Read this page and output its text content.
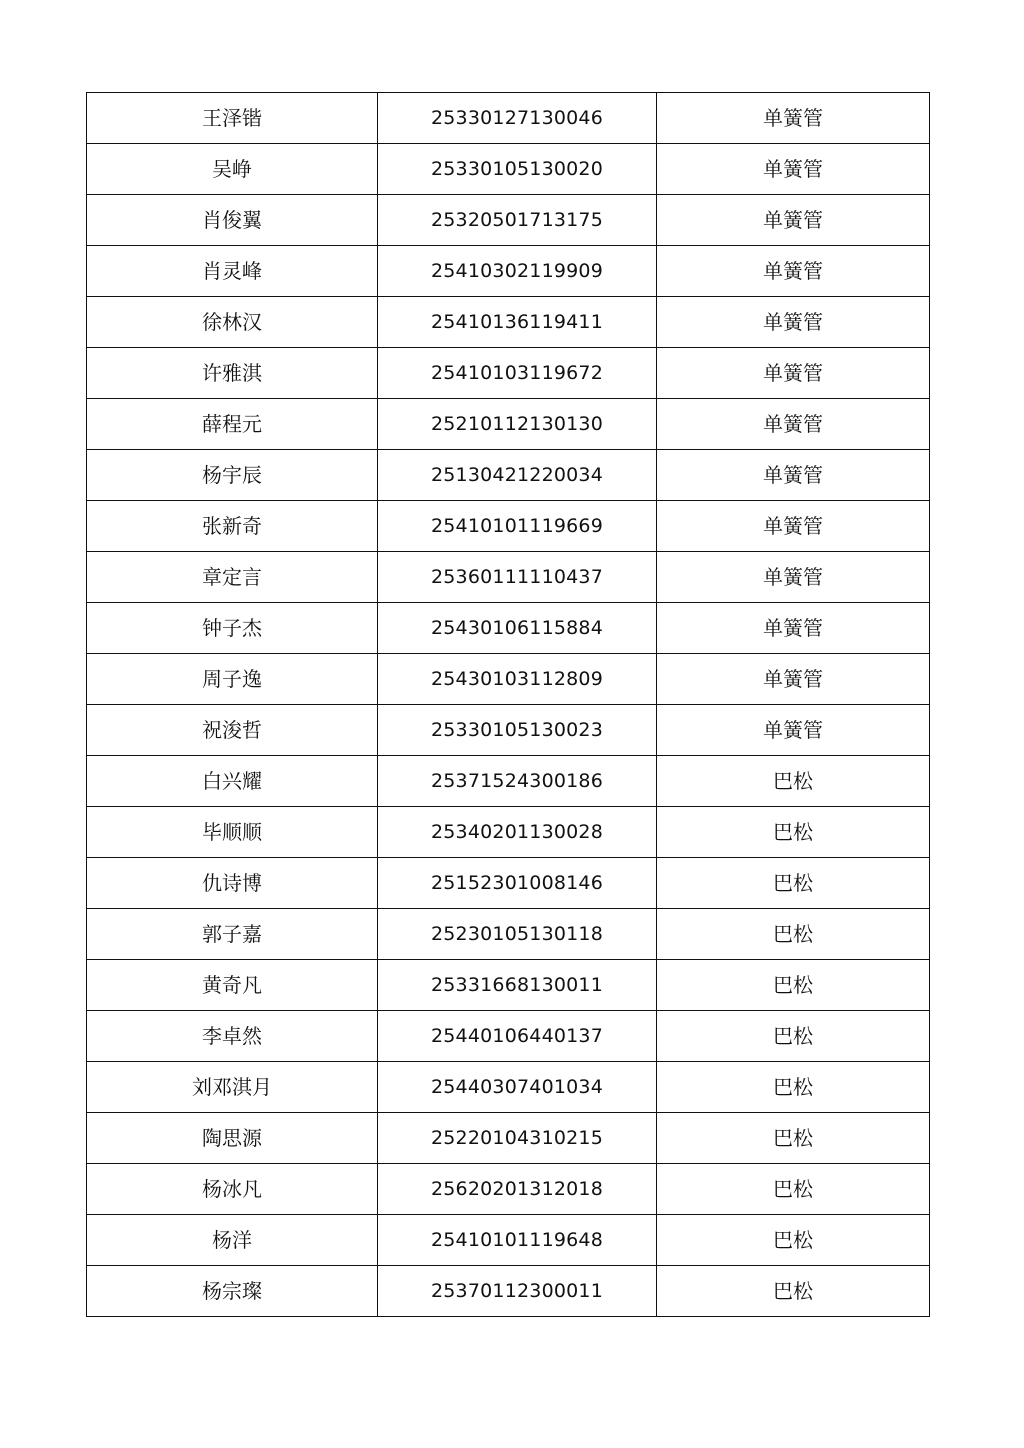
王泽锴	25330127130046	单簧管
吴峥	25330105130020	单簧管
肖俊翼	25320501713175	单簧管
肖灵峰	25410302119909	单簧管
徐林汉	25410136119411	单簧管
许雅淇	25410103119672	单簧管
薛程元	25210112130130	单簧管
杨宇辰	25130421220034	单簧管
张新奇	25410101119669	单簧管
章定言	25360111110437	单簧管
钟子杰	25430106115884	单簧管
周子逸	25430103112809	单簧管
祝浚哲	25330105130023	单簧管
白兴耀	25371524300186	巴松
毕顺顺	25340201130028	巴松
仇诗博	25152301008146	巴松
郭子嘉	25230105130118	巴松
黄奇凡	25331668130011	巴松
李卓然	25440106440137	巴松
刘邓淇月	25440307401034	巴松
陶思源	25220104310215	巴松
杨冰凡	25620201312018	巴松
杨洋	25410101119648	巴松
杨宗璨	25370112300011	巴松
